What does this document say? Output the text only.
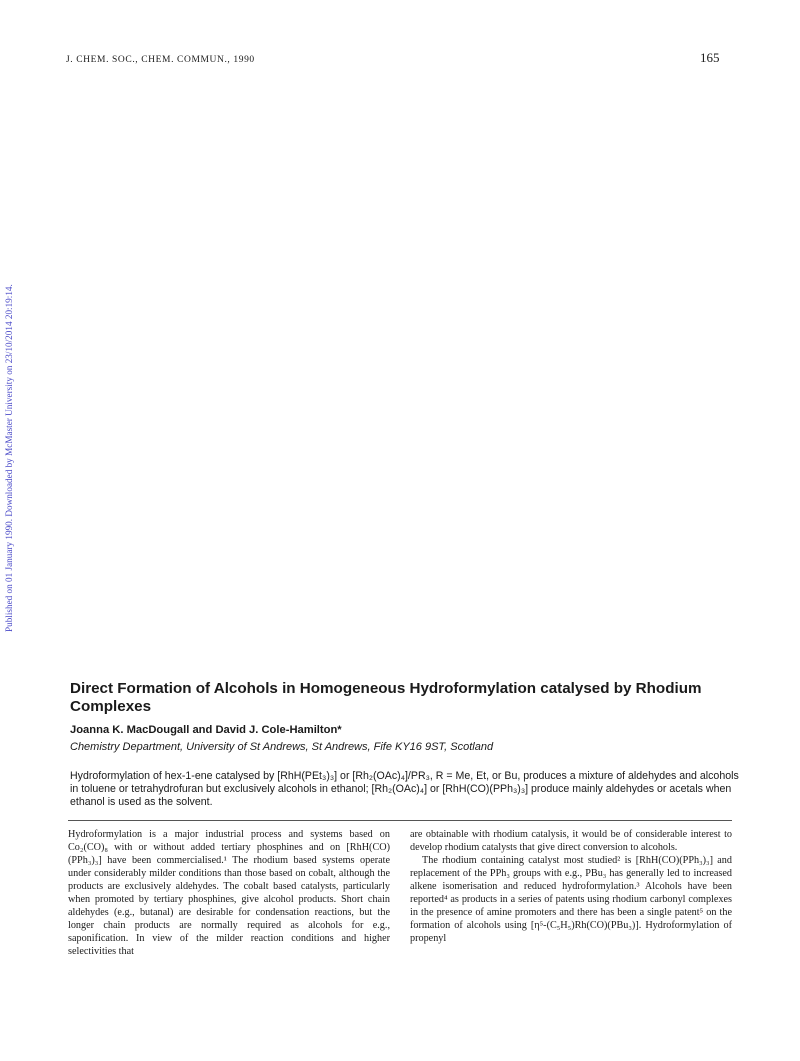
J. CHEM. SOC., CHEM. COMMUN., 1990	165
Published on 01 January 1990. Downloaded by McMaster University on 23/10/2014 20:19:14.
Direct Formation of Alcohols in Homogeneous Hydroformylation catalysed by Rhodium Complexes
Joanna K. MacDougall and David J. Cole-Hamilton*
Chemistry Department, University of St Andrews, St Andrews, Fife KY16 9ST, Scotland
Hydroformylation of hex-1-ene catalysed by [RhH(PEt₃)₃] or [Rh₂(OAc)₄]/PR₃, R = Me, Et, or Bu, produces a mixture of aldehydes and alcohols in toluene or tetrahydrofuran but exclusively alcohols in ethanol; [Rh₂(OAc)₄] or [RhH(CO)(PPh₃)₃] produce mainly aldehydes or acetals when ethanol is used as the solvent.

Hydroformylation is a major industrial process and systems based on Co₂(CO)₈ with or without added tertiary phosphines and on [RhH(CO)(PPh₃)₃] have been commercialised.¹ The rhodium based systems operate under considerably milder conditions than those based on cobalt, although the products are exclusively aldehydes. The cobalt based catalysts, particularly when promoted by tertiary phosphines, give alcohol products. Short chain aldehydes (e.g., butanal) are desirable for condensation reactions, but the longer chain products are normally required as alcohols for e.g., saponification. In view of the milder reaction conditions and higher selectivities that

are obtainable with rhodium catalysis, it would be of considerable interest to develop rhodium catalysts that give direct conversion to alcohols.

The rhodium containing catalyst most studied² is [RhH(CO)(PPh₃)₃] and replacement of the PPh₃ groups with e.g., PBu₃ has generally led to increased alkene isomerisation and reduced hydroformylation.³ Alcohols have been reported⁴ as products in a series of patents using rhodium carbonyl complexes in the presence of amine promoters and there has been a single patent⁵ on the formation of alcohols using [η⁵-(C₅H₅)Rh(CO)(PBu₃)]. Hydroformylation of propenyl
